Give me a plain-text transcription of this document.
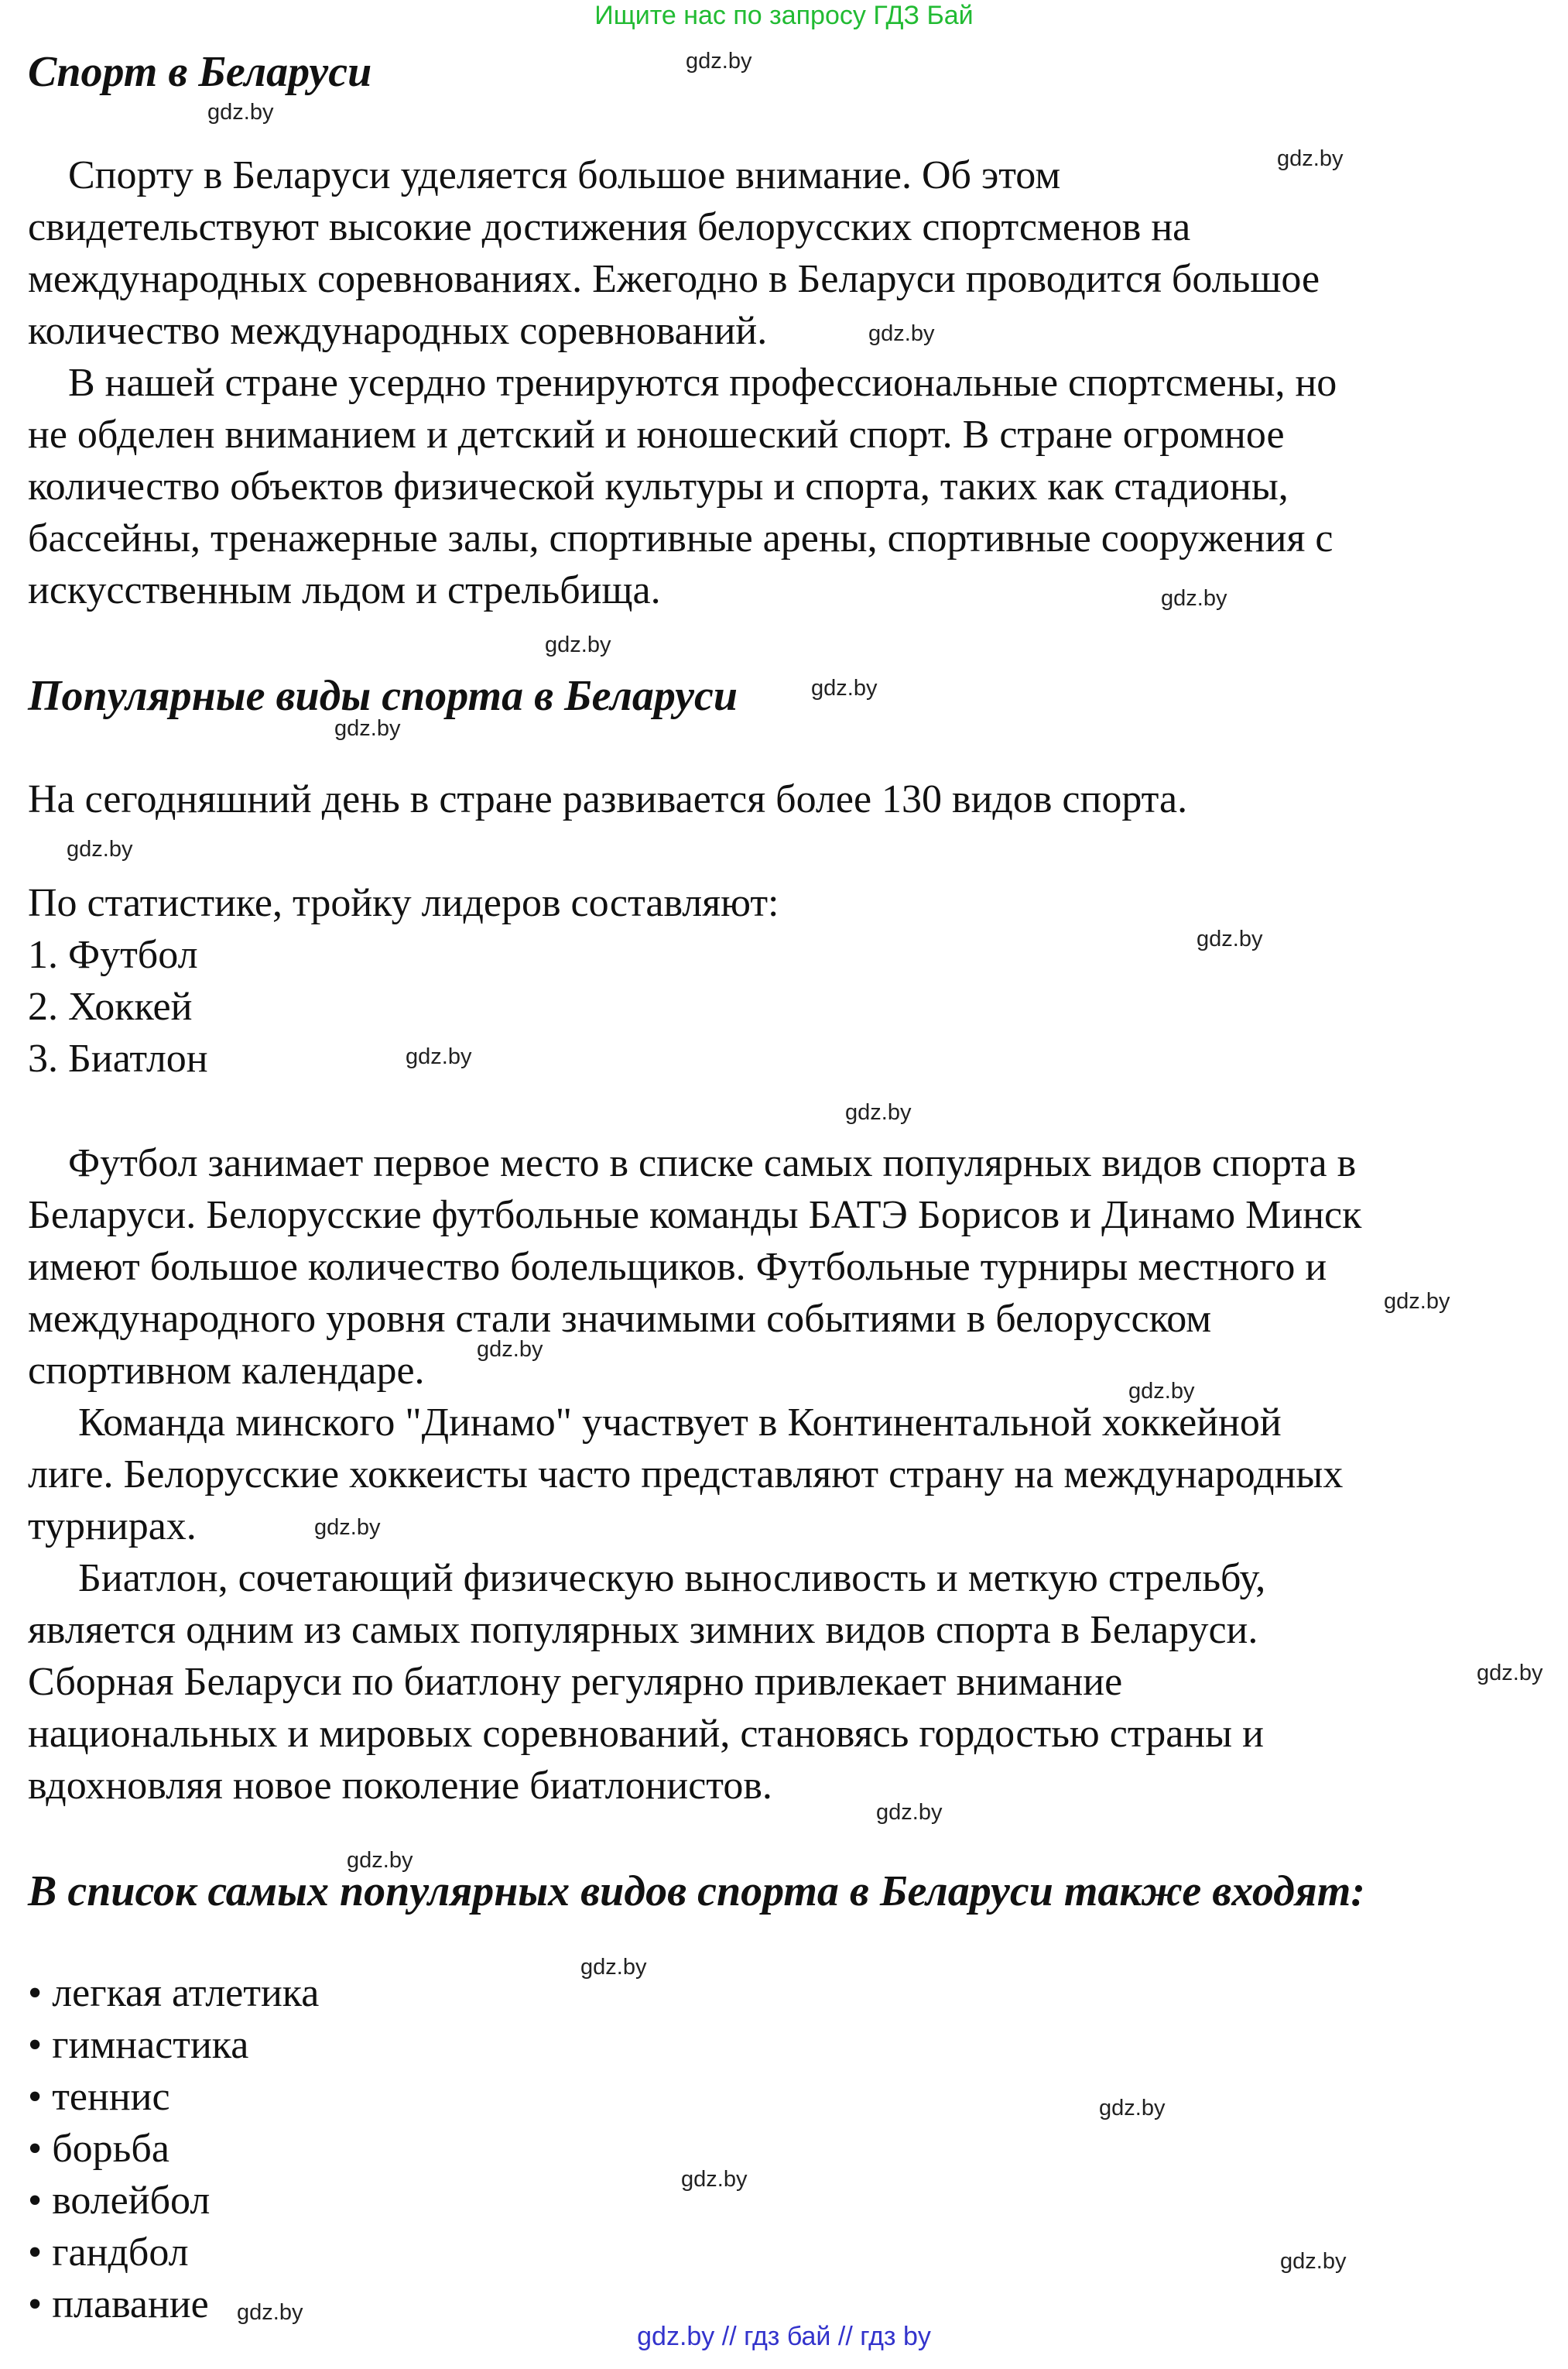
Ищите нас по запросу ГДЗ Бай
Спорт в Беларуси
Спорту в Беларуси уделяется большое внимание. Об этом
свидетельствуют высокие достижения белорусских спортсменов на
международных соревнованиях. Ежегодно в Беларуси проводится большое
количество международных соревнований.
В нашей стране усердно тренируются профессиональные спортсмены, но
не обделен вниманием и детский и юношеский спорт. В стране огромное
количество объектов физической культуры и спорта, таких как стадионы,
бассейны, тренажерные залы, спортивные арены, спортивные сооружения с
искусственным льдом и стрельбища.
Популярные виды спорта в Беларуси
На сегодняшний день в стране развивается более 130 видов спорта.
По статистике, тройку лидеров составляют:
1. Футбол
2. Хоккей
3. Биатлон
Футбол занимает первое место в списке самых популярных видов спорта в
Беларуси. Белорусские футбольные команды БАТЭ Борисов и Динамо Минск
имеют большое количество болельщиков. Футбольные турниры местного и
международного уровня стали значимыми событиями в белорусском
спортивном календаре.
Команда минского "Динамо" участвует в Континентальной хоккейной
лиге. Белорусские хоккеисты часто представляют страну на международных
турнирах.
Биатлон, сочетающий физическую выносливость и меткую стрельбу,
является одним из самых популярных зимних видов спорта в Беларуси.
Сборная Беларуси по биатлону регулярно привлекает внимание
национальных и мировых соревнований, становясь гордостью страны и
вдохновляя новое поколение биатлонистов.
В список самых популярных видов спорта в Беларуси также входят:
• легкая атлетика
• гимнастика
• теннис
• борьба
• волейбол
• гандбол
• плавание
gdz.by
gdz.by
gdz.by
gdz.by
gdz.by
gdz.by
gdz.by
gdz.by
gdz.by
gdz.by
gdz.by
gdz.by
gdz.by
gdz.by
gdz.by
gdz.by
gdz.by
gdz.by
gdz.by
gdz.by
gdz.by
gdz.by
gdz.by
gdz.by
gdz.by // гдз бай // гдз by
